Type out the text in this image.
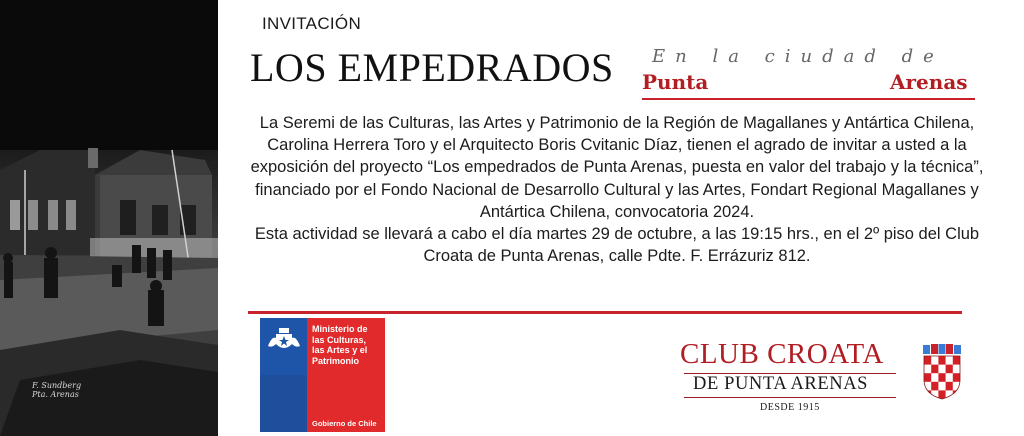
F. Sundberg
Pta. Arenas
INVITACIÓN
LOS EMPEDRADOS En la ciudad de
Punta	Arenas

La Seremi de las Culturas, las Artes y Patrimonio de la Región de Magallanes y Antártica Chilena, Carolina Herrera Toro y el Arquitecto Boris Cvitanic Díaz, tienen el agrado de invitar a usted a la exposición del proyecto “Los empedrados de Punta Arenas, puesta en valor del trabajo y la técnica”, financiado por el Fondo Nacional de Desarrollo Cultural y las Artes, Fondart Regional Magallanes y Antártica Chilena, convocatoria 2024.

Esta actividad se llevará a cabo el día martes 29 de octubre, a las 19:15 hrs., en el 2º piso del Club Croata de Punta Arenas, calle Pdte. F. Errázuriz 812.

Ministerio de
las Culturas,
las Artes y el
Patrimonio
Gobierno de Chile
CLUB CROATA
DE PUNTA ARENAS
DESDE 1915
